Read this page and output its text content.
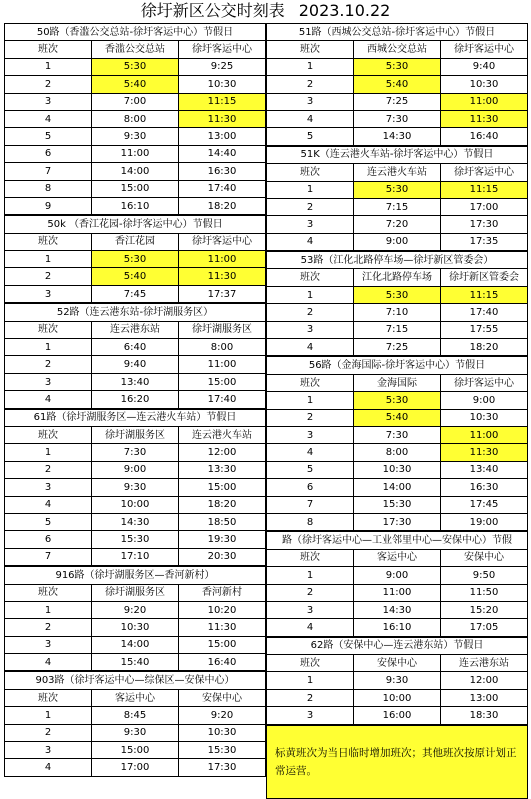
徐圩新区公交时刻表 2023.10.22
50路（香滥公交总站-徐圩客运中心）节假日		
班次	香滥公交总站	徐圩客运中心
1	5:30	9:25
2	5:40	10:30
3	7:00	11:15
4	8:00	11:30
5	9:30	13:00
6	11:00	14:40
7	14:00	16:30
8	15:00	17:40
9	16:10	18:20
50k （香江花园-徐圩客运中心）节假日		
班次	香江花园	徐圩客运中心
1	5:30	11:00
2	5:40	11:30
3	7:45	17:37
52路（连云港东站-徐圩湖服务区）		
班次	连云港东站	徐圩湖服务区
1	6:40	8:00
2	9:40	11:00
3	13:40	15:00
4	16:20	17:40
61路（徐圩湖服务区—连云港火车站）节假日		
班次	徐圩湖服务区	连云港火车站
1	7:30	12:00
2	9:00	13:30
3	9:30	15:00
4	10:00	18:20
5	14:30	18:50
6	15:30	19:30
7	17:10	20:30
916路（徐圩湖服务区—香河新村）		
班次	徐圩湖服务区	香河新村
1	9:20	10:20
2	10:30	11:30
3	14:00	15:00
4	15:40	16:40
903路（徐圩客运中心—综保区—安保中心）		
班次	客运中心	安保中心
1	8:45	9:20
2	9:30	10:30
3	15:00	15:30
4	17:00	17:30
51路（西城公交总站-徐圩客运中心）节假日		
班次	西城公交总站	徐圩客运中心
1	5:30	9:40
2	5:40	10:30
3	7:25	11:00
4	7:30	11:30
5	14:30	16:40
51K（连云港火车站-徐圩客运中心）节假日		
班次	连云港火车站	徐圩客运中心
1	5:30	11:15
2	7:15	17:00
3	7:20	17:30
4	9:00	17:35
53路（江化北路停车场—徐圩新区管委会）		
班次	江化北路停车场	徐圩新区管委会
1	5:30	11:15
2	7:10	17:40
3	7:15	17:55
4	7:25	18:20
56路（金海国际-徐圩客运中心）节假日		
班次	金海国际	徐圩客运中心
1	5:30	9:00
2	5:40	10:30
3	7:30	11:00
4	8:00	11:30
5	10:30	13:40
6	14:00	16:30
7	15:30	17:45
8	17:30	19:00
路（徐圩客运中心—工业邻里中心—安保中心）节假		
班次	客运中心	安保中心
1	9:00	9:50
2	11:00	11:50
3	14:30	15:20
4	16:10	17:05
62路（安保中心—连云港东站）节假日		
班次	安保中心	连云港东站
1	9:30	12:00
2	10:00	13:00
3	16:00	18:30
标黄班次为当日临时增加班次；其他班次按原计划正常运营。
